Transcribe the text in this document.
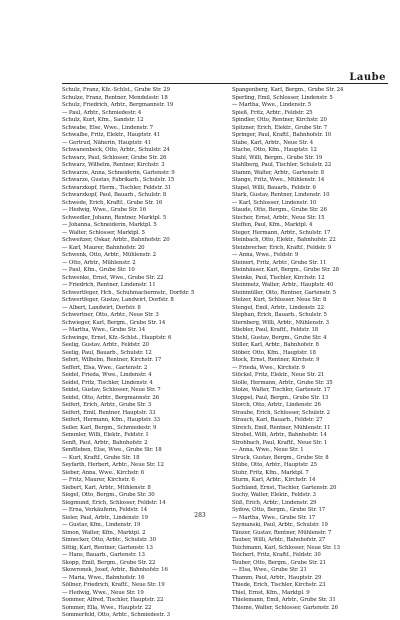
Laube
Schulz, Franz, Kfz.-Schlst., Grube Str. 29
Schulze, Franz, Rentner, Mendelsstr. 18
Schulz, Friedrich, Arbtr., Bergmannstr. 19
— Paul, Arbtr., Schmiedestr. 4
Schulz, Kurt, Kfm., Sandstr. 12
Schwabe, Else, Wwe., Lindenstr. 7
Schwalbe, Fritz, Elektr., Hauptstr. 41
— Gertrud, Näherin, Hauptstr. 41
Schwanenbeck, Otto, Arbtr., Schulstr. 24
Schwarz, Paul, Schlosser, Grube Str. 26
Schwarz, Wilhelm, Rentner, Kirchstr. 3
Schwarze, Anna, Schneiderin, Gartenstr. 9
Schwarze, Gustav, Fabrikarb., Schulstr. 15
Schwarzkopf, Herm., Tischler, Feldstr. 31
Schwarzkopf, Paul, Bauarb., Schulstr. 8
Schwede, Erich, Kraftf., Grube Str. 16
— Hedwig, Wwe., Grube Str. 16
Schwedler, Johann, Rentner, Marktpl. 5
— Johanna, Schneiderin, Marktpl. 5
— Walter, Schlosser, Marktpl. 5
Schweitzer, Oskar, Arbtr., Bahnhofstr. 20
— Karl, Maurer, Bahnhofstr. 20
Schwenk, Otto, Arbtr., Mühlenstr. 2
— Otto, Arbtr., Mühlenstr. 2
— Paul, Kfm., Grube Str. 10
Schwenke, Ernst, Wwe., Grube Str. 22
— Friedrich, Rentner, Lindenstr. 11
Schwertfeger, Hch., Schuhmachermstr., Dorfstr. 5
Schwertfeger, Gustav, Landwirt, Dorfstr. 8
— Albert, Landwirt, Dorfstr. 8
Schwertner, Otto, Arbtr., Neue Str. 3
Schwieger, Karl, Bergm., Grube Str. 14
— Martha, Wwe., Grube Str. 14
Schwinge, Ernst, Kfz.-Schlst., Hauptstr. 6
Seelig, Gustav, Arbtr., Feldstr. 20
Seelig, Paul, Bauarb., Schulstr. 12
Sefert, Wilhelm, Rentner, Kirchstr. 17
Seffert, Elsa, Wwe., Gartenstr. 2
Seidel, Frieda, Wwe., Lindenstr. 4
Seidel, Fritz, Tischler, Lindenstr. 4
Seidel, Gustav, Schlosser, Neue Str. 7
Seidel, Otto, Arbtr., Bergmannstr. 26
Seifert, Erich, Arbtr., Grube Str. 3
Seifert, Emil, Rentner, Hauptstr. 33
Seifert, Hermann, Kfm., Hauptstr. 33
Seiler, Karl, Bergm., Schmiedestr. 9
Semmler, Willi, Elektr., Feldstr. 1
Senft, Paul, Arbtr., Bahnhofstr. 2
Senftleben, Else, Wwe., Grube Str. 18
— Kurt, Kraftf., Grube Str. 18
Seyfarth, Herbert, Arbtr., Neue Str. 12
Sieber, Anna, Wwe., Kirchstr. 6
— Fritz, Maurer, Kirchstr. 6
Siebert, Karl, Arbtr., Mühlenstr. 8
Siegel, Otto, Bergm., Grube Str. 30
Siegmund, Erich, Schlosser, Feldstr. 14
— Erna, Verkäuferin, Feldstr. 14
Sieler, Paul, Arbtr., Lindenstr. 19
— Gustav, Kfm., Lindenstr. 19
Simon, Walter, Kfm., Marktpl. 2
Sinnecker, Otto, Arbtr., Schulstr. 30
Sittig, Karl, Rentner, Gartenstr. 13
— Hans, Bauarb., Gartenstr. 13
Skopp, Emil, Bergm., Grube Str. 22
Skowronek, Josef, Arbtr., Bahnhofstr. 16
— Maria, Wwe., Bahnhofstr. 16
Söllner, Friedrich, Kraftf., Neue Str. 19
— Hedwig, Wwe., Neue Str. 19
Sommer, Alfred, Tischler, Hauptstr. 22
Sommer, Ella, Wwe., Hauptstr. 22
Sommerfeld, Otto, Arbtr., Schmiedestr. 3
Spangenberg, Karl, Bergm., Grube Str. 24
Sperling, Emil, Schlosser, Lindenstr. 5
— Martha, Wwe., Lindenstr. 5
Spieß, Fritz, Arbtr., Feldstr. 25
Spindler, Otto, Rentner, Kirchstr. 20
Spitzner, Erich, Elektr., Grube Str. 7
Springer, Paul, Kraftf., Bahnhofstr. 10
Stabe, Karl, Arbtr., Neue Str. 4
Stache, Otto, Kfm., Hauptstr. 12
Stahl, Willi, Bergm., Grube Str. 19
Stahlberg, Paul, Tischler, Schulstr. 22
Stamm, Walter, Arbtr., Gartenstr. 8
Stange, Fritz, Wwe., Mühlenstr. 14
Stapel, Willi, Bauarb., Feldstr. 6
Stark, Gustav, Rentner, Lindenstr. 10
— Karl, Schlosser, Lindenstr. 10
Staude, Otto, Bergm., Grube Str. 26
Stecher, Ernst, Arbtr., Neue Str. 15
Steffen, Paul, Kfm., Marktpl. 4
Steger, Hermann, Arbtr., Schulstr. 17
Steinbach, Otto, Elektr., Bahnhofstr. 22
Steinbrecher, Erich, Kraftf., Feldstr. 9
— Anna, Wwe., Feldstr. 9
Steinert, Fritz, Arbtr., Grube Str. 11
Steinhäuser, Karl, Bergm., Grube Str. 28
Steinke, Paul, Tischler, Kirchstr. 12
Steinmetz, Walter, Arbtr., Hauptstr. 40
Steinmüller, Otto, Rentner, Gartenstr. 5
Stelzer, Kurt, Schlosser, Neue Str. 8
Stengel, Emil, Arbtr., Lindenstr. 22
Stephan, Erich, Bauarb., Schulstr. 5
Sternberg, Willi, Arbtr., Mühlenstr. 3
Stiebler, Paul, Kraftf., Feldstr. 18
Stiehl, Gustav, Bergm., Grube Str. 4
Stiller, Karl, Arbtr., Bahnhofstr. 8
Stöber, Otto, Kfm., Hauptstr. 18
Stock, Ernst, Rentner, Kirchstr. 9
— Frieda, Wwe., Kirchstr. 9
Stöckel, Fritz, Elektr., Neue Str. 21
Stolle, Hermann, Arbtr., Grube Str. 35
Stolze, Walter, Tischler, Gartenstr. 17
Stoppel, Paul, Bergm., Grube Str. 13
Storch, Otto, Arbtr., Lindenstr. 26
Straube, Erich, Schlosser, Schulstr. 2
Strauch, Karl, Bauarb., Feldstr. 27
Streich, Emil, Rentner, Mühlenstr. 11
Strobel, Willi, Arbtr., Bahnhofstr. 14
Strohbach, Paul, Kraftf., Neue Str. 1
— Anna, Wwe., Neue Str. 1
Struck, Gustav, Bergm., Grube Str. 8
Stübe, Otto, Arbtr., Hauptstr. 25
Stuhr, Fritz, Kfm., Marktpl. 7
Sturm, Karl, Arbtr., Kirchstr. 14
Suchland, Ernst, Tischler, Gartenstr. 20
Suchy, Walter, Elektr., Feldstr. 3
Süß, Erich, Arbtr., Lindenstr. 29
Sydow, Otto, Bergm., Grube Str. 17
— Martha, Wwe., Grube Str. 17
Szymanski, Paul, Arbtr., Schulstr. 19
Tänzer, Gustav, Rentner, Mühlenstr. 7
Tauber, Willi, Arbtr., Bahnhofstr. 27
Teichmann, Karl, Schlosser, Neue Str. 13
Teichert, Fritz, Kraftf., Feldstr. 30
Teuber, Otto, Bergm., Grube Str. 21
— Elsa, Wwe., Grube Str. 21
Thamm, Paul, Arbtr., Hauptstr. 29
Thiede, Erich, Tischler, Kirchstr. 23
Thiel, Ernst, Kfm., Marktpl. 9
Thielemann, Emil, Arbtr., Grube Str. 31
Thieme, Walter, Schlosser, Gartenstr. 26
283
